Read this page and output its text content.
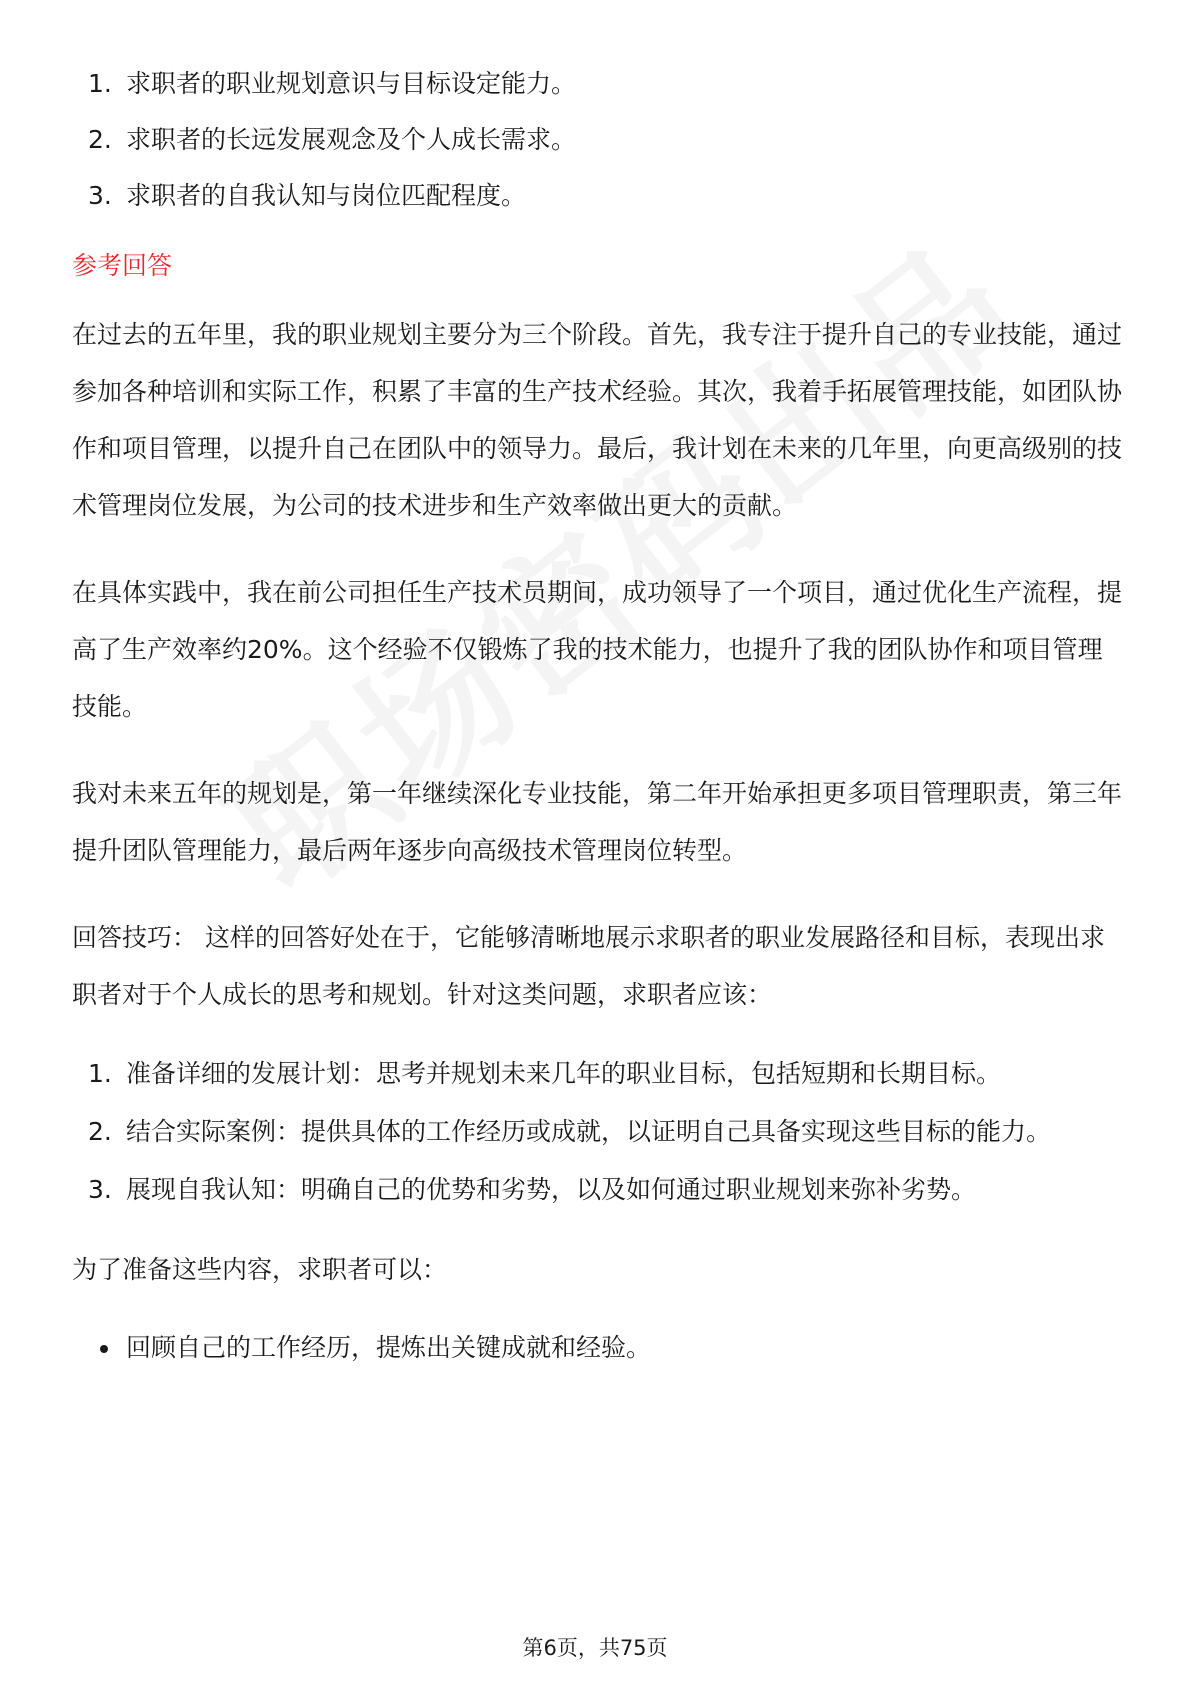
1. 求职者的职业规划意识与目标设定能力。
2. 求职者的长远发展观念及个人成长需求。
3. 求职者的自我认知与岗位匹配程度。
参考回答

在过去的五年里，我的职业规划主要分为三个阶段。首先，我专注于提升自己的专业技能，通过参加各种培训和实际工作，积累了丰富的生产技术经验。其次，我着手拓展管理技能，如团队协作和项目管理，以提升自己在团队中的领导力。最后，我计划在未来的几年里，向更高级别的技术管理岗位发展，为公司的技术进步和生产效率做出更大的贡献。

在具体实践中，我在前公司担任生产技术员期间，成功领导了一个项目，通过优化生产流程，提高了生产效率约20%。这个经验不仅锻炼了我的技术能力，也提升了我的团队协作和项目管理技能。

我对未来五年的规划是，第一年继续深化专业技能，第二年开始承担更多项目管理职责，第三年提升团队管理能力，最后两年逐步向高级技术管理岗位转型。

回答技巧： 这样的回答好处在于，它能够清晰地展示求职者的职业发展路径和目标，表现出求职者对于个人成长的思考和规划。针对这类问题，求职者应该：

1. 准备详细的发展计划：思考并规划未来几年的职业目标，包括短期和长期目标。
2. 结合实际案例：提供具体的工作经历或成就，以证明自己具备实现这些目标的能力。
3. 展现自我认知：明确自己的优势和劣势，以及如何通过职业规划来弥补劣势。

为了准备这些内容，求职者可以：

回顾自己的工作经历，提炼出关键成就和经验。
第6页，共75页
